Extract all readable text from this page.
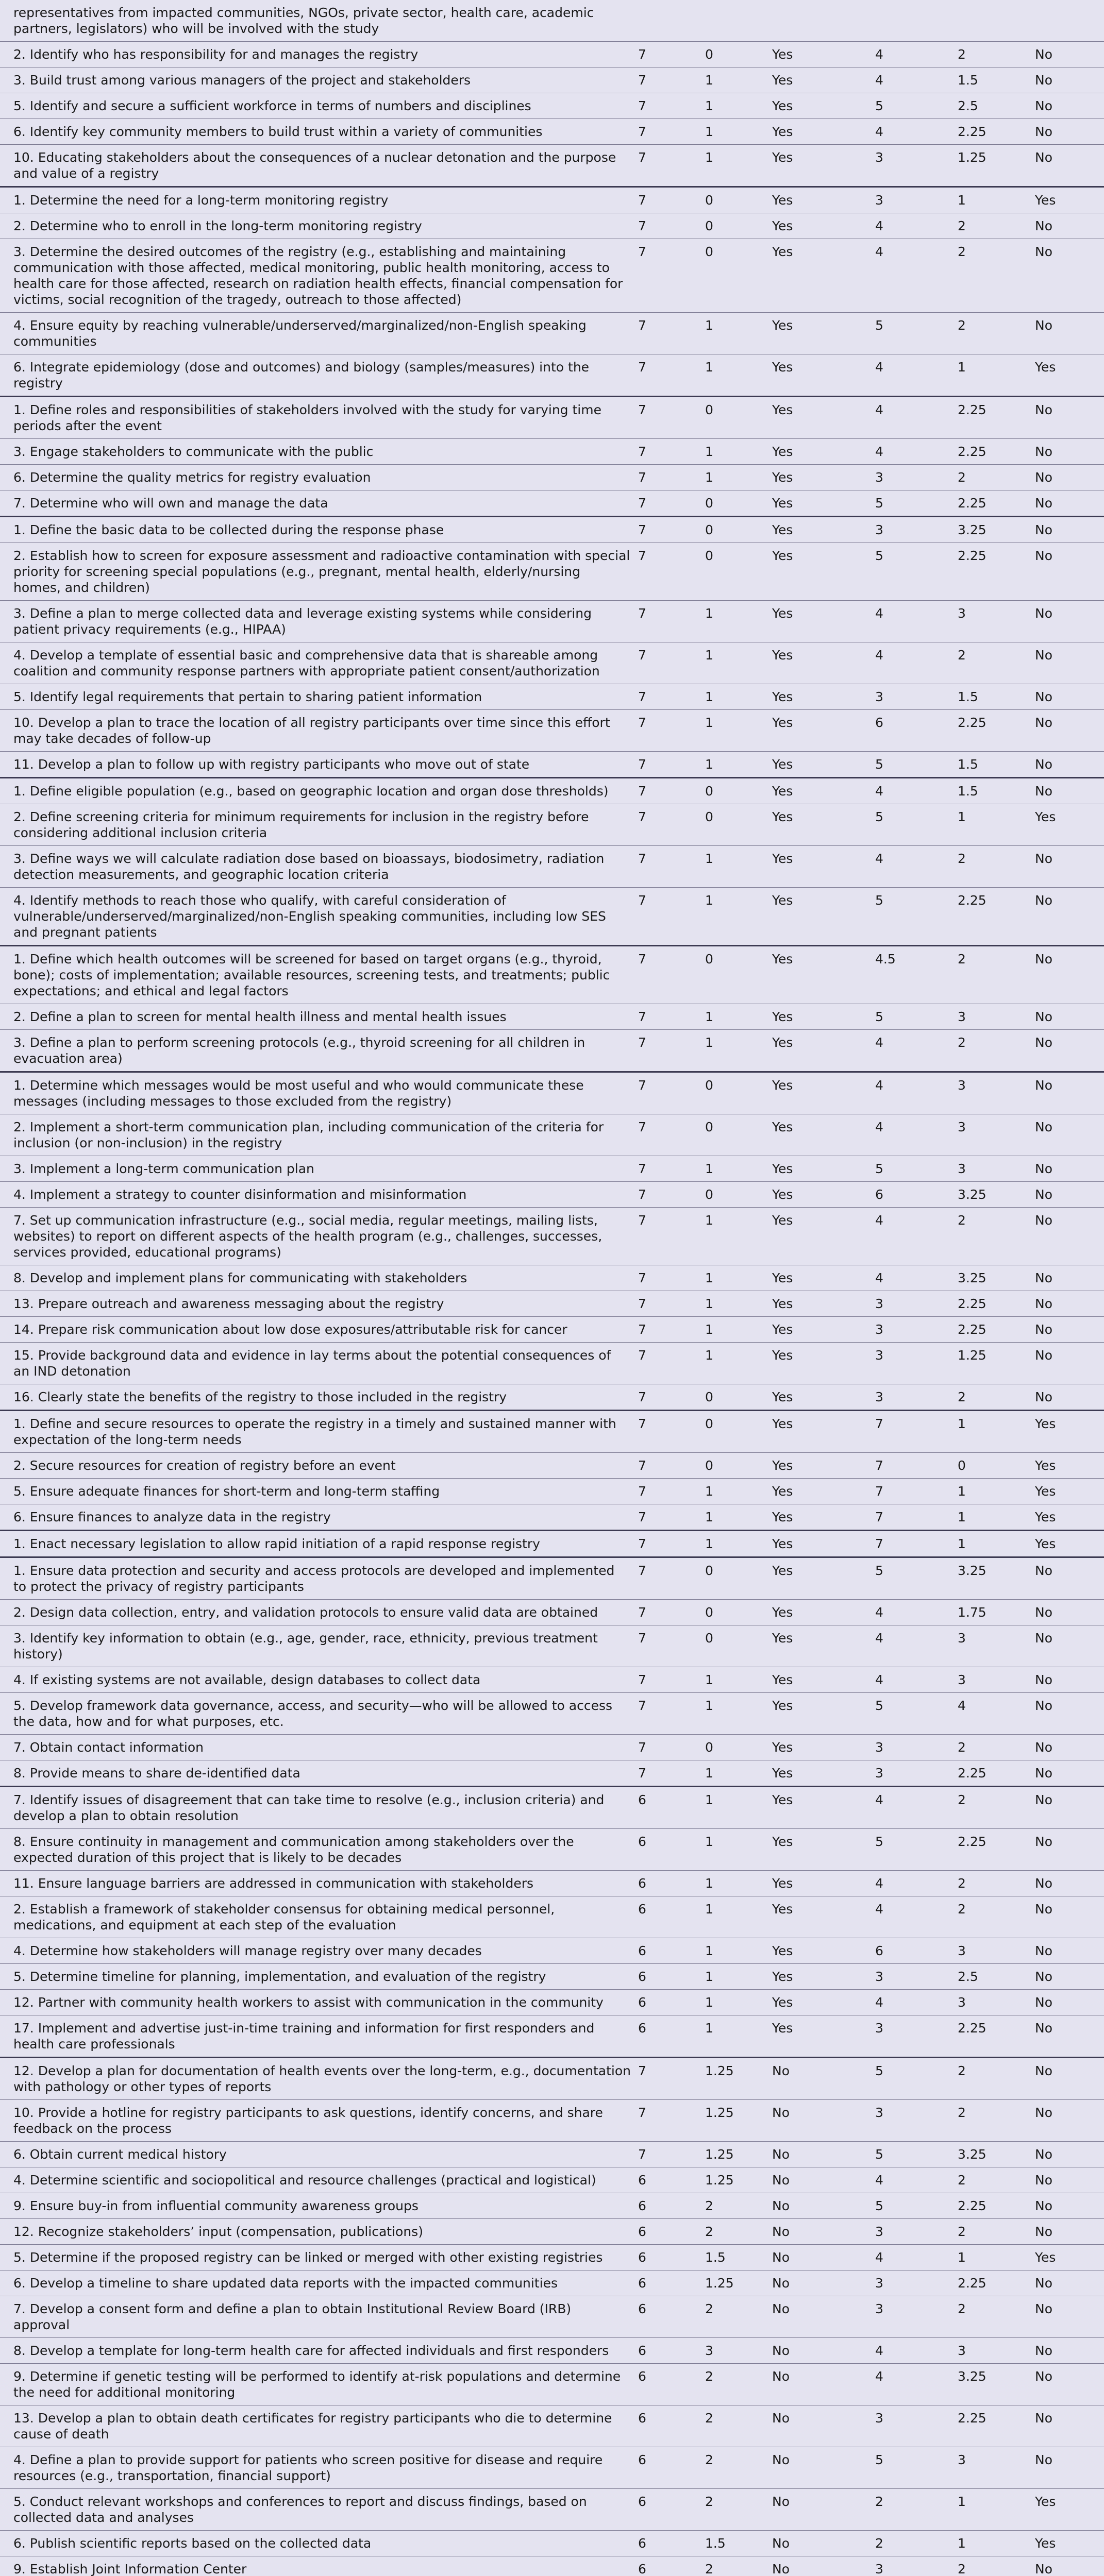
representatives from impacted communities, NGOs, private sector, health care, academic partners, legislators) who will be involved with the study						
2. Identify who has responsibility for and manages the registry	7	0	Yes	4	2	No
3. Build trust among various managers of the project and stakeholders	7	1	Yes	4	1.5	No
5. Identify and secure a sufficient workforce in terms of numbers and disciplines	7	1	Yes	5	2.5	No
6. Identify key community members to build trust within a variety of communities	7	1	Yes	4	2.25	No
10. Educating stakeholders about the consequences of a nuclear detonation and the purpose and value of a registry	7	1	Yes	3	1.25	No
1. Determine the need for a long-term monitoring registry	7	0	Yes	3	1	Yes
2. Determine who to enroll in the long-term monitoring registry	7	0	Yes	4	2	No
3. Determine the desired outcomes of the registry (e.g., establishing and maintaining communication with those affected, medical monitoring, public health monitoring, access to health care for those affected, research on radiation health effects, financial compensation for victims, social recognition of the tragedy, outreach to those affected)	7	0	Yes	4	2	No
4. Ensure equity by reaching vulnerable/underserved/marginalized/non-English speaking communities	7	1	Yes	5	2	No
6. Integrate epidemiology (dose and outcomes) and biology (samples/measures) into the registry	7	1	Yes	4	1	Yes
1. Define roles and responsibilities of stakeholders involved with the study for varying time periods after the event	7	0	Yes	4	2.25	No
3. Engage stakeholders to communicate with the public	7	1	Yes	4	2.25	No
6. Determine the quality metrics for registry evaluation	7	1	Yes	3	2	No
7. Determine who will own and manage the data	7	0	Yes	5	2.25	No
1. Define the basic data to be collected during the response phase	7	0	Yes	3	3.25	No
2. Establish how to screen for exposure assessment and radioactive contamination with special priority for screening special populations (e.g., pregnant, mental health, elderly/nursing homes, and children)	7	0	Yes	5	2.25	No
3. Define a plan to merge collected data and leverage existing systems while considering patient privacy requirements (e.g., HIPAA)	7	1	Yes	4	3	No
4. Develop a template of essential basic and comprehensive data that is shareable among coalition and community response partners with appropriate patient consent/authorization	7	1	Yes	4	2	No
5. Identify legal requirements that pertain to sharing patient information	7	1	Yes	3	1.5	No
10. Develop a plan to trace the location of all registry participants over time since this effort may take decades of follow-up	7	1	Yes	6	2.25	No
11. Develop a plan to follow up with registry participants who move out of state	7	1	Yes	5	1.5	No
1. Define eligible population (e.g., based on geographic location and organ dose thresholds)	7	0	Yes	4	1.5	No
2. Define screening criteria for minimum requirements for inclusion in the registry before considering additional inclusion criteria	7	0	Yes	5	1	Yes
3. Define ways we will calculate radiation dose based on bioassays, biodosimetry, radiation detection measurements, and geographic location criteria	7	1	Yes	4	2	No
4. Identify methods to reach those who qualify, with careful consideration of vulnerable/underserved/marginalized/non-English speaking communities, including low SES and pregnant patients	7	1	Yes	5	2.25	No
1. Define which health outcomes will be screened for based on target organs (e.g., thyroid, bone); costs of implementation; available resources, screening tests, and treatments; public expectations; and ethical and legal factors	7	0	Yes	4.5	2	No
2. Define a plan to screen for mental health illness and mental health issues	7	1	Yes	5	3	No
3. Define a plan to perform screening protocols (e.g., thyroid screening for all children in evacuation area)	7	1	Yes	4	2	No
1. Determine which messages would be most useful and who would communicate these messages (including messages to those excluded from the registry)	7	0	Yes	4	3	No
2. Implement a short-term communication plan, including communication of the criteria for inclusion (or non-inclusion) in the registry	7	0	Yes	4	3	No
3. Implement a long-term communication plan	7	1	Yes	5	3	No
4. Implement a strategy to counter disinformation and misinformation	7	0	Yes	6	3.25	No
7. Set up communication infrastructure (e.g., social media, regular meetings, mailing lists, websites) to report on different aspects of the health program (e.g., challenges, successes, services provided, educational programs)	7	1	Yes	4	2	No
8. Develop and implement plans for communicating with stakeholders	7	1	Yes	4	3.25	No
13. Prepare outreach and awareness messaging about the registry	7	1	Yes	3	2.25	No
14. Prepare risk communication about low dose exposures/attributable risk for cancer	7	1	Yes	3	2.25	No
15. Provide background data and evidence in lay terms about the potential consequences of an IND detonation	7	1	Yes	3	1.25	No
16. Clearly state the benefits of the registry to those included in the registry	7	0	Yes	3	2	No
1. Define and secure resources to operate the registry in a timely and sustained manner with expectation of the long-term needs	7	0	Yes	7	1	Yes
2. Secure resources for creation of registry before an event	7	0	Yes	7	0	Yes
5. Ensure adequate finances for short-term and long-term staffing	7	1	Yes	7	1	Yes
6. Ensure finances to analyze data in the registry	7	1	Yes	7	1	Yes
1. Enact necessary legislation to allow rapid initiation of a rapid response registry	7	1	Yes	7	1	Yes
1. Ensure data protection and security and access protocols are developed and implemented to protect the privacy of registry participants	7	0	Yes	5	3.25	No
2. Design data collection, entry, and validation protocols to ensure valid data are obtained	7	0	Yes	4	1.75	No
3. Identify key information to obtain (e.g., age, gender, race, ethnicity, previous treatment history)	7	0	Yes	4	3	No
4. If existing systems are not available, design databases to collect data	7	1	Yes	4	3	No
5. Develop framework data governance, access, and security—who will be allowed to access the data, how and for what purposes, etc.	7	1	Yes	5	4	No
7. Obtain contact information	7	0	Yes	3	2	No
8. Provide means to share de-identified data	7	1	Yes	3	2.25	No
7. Identify issues of disagreement that can take time to resolve (e.g., inclusion criteria) and develop a plan to obtain resolution	6	1	Yes	4	2	No
8. Ensure continuity in management and communication among stakeholders over the expected duration of this project that is likely to be decades	6	1	Yes	5	2.25	No
11. Ensure language barriers are addressed in communication with stakeholders	6	1	Yes	4	2	No
2. Establish a framework of stakeholder consensus for obtaining medical personnel, medications, and equipment at each step of the evaluation	6	1	Yes	4	2	No
4. Determine how stakeholders will manage registry over many decades	6	1	Yes	6	3	No
5. Determine timeline for planning, implementation, and evaluation of the registry	6	1	Yes	3	2.5	No
12. Partner with community health workers to assist with communication in the community	6	1	Yes	4	3	No
17. Implement and advertise just-in-time training and information for first responders and health care professionals	6	1	Yes	3	2.25	No
12. Develop a plan for documentation of health events over the long-term, e.g., documentation with pathology or other types of reports	7	1.25	No	5	2	No
10. Provide a hotline for registry participants to ask questions, identify concerns, and share feedback on the process	7	1.25	No	3	2	No
6. Obtain current medical history	7	1.25	No	5	3.25	No
4. Determine scientific and sociopolitical and resource challenges (practical and logistical)	6	1.25	No	4	2	No
9. Ensure buy-in from influential community awareness groups	6	2	No	5	2.25	No
12. Recognize stakeholders’ input (compensation, publications)	6	2	No	3	2	No
5. Determine if the proposed registry can be linked or merged with other existing registries	6	1.5	No	4	1	Yes
6. Develop a timeline to share updated data reports with the impacted communities	6	1.25	No	3	2.25	No
7. Develop a consent form and define a plan to obtain Institutional Review Board (IRB) approval	6	2	No	3	2	No
8. Develop a template for long-term health care for affected individuals and first responders	6	3	No	4	3	No
9. Determine if genetic testing will be performed to identify at-risk populations and determine the need for additional monitoring	6	2	No	4	3.25	No
13. Develop a plan to obtain death certificates for registry participants who die to determine cause of death	6	2	No	3	2.25	No
4. Define a plan to provide support for patients who screen positive for disease and require resources (e.g., transportation, financial support)	6	2	No	5	3	No
5. Conduct relevant workshops and conferences to report and discuss findings, based on collected data and analyses	6	2	No	2	1	Yes
6. Publish scientific reports based on the collected data	6	1.5	No	2	1	Yes
9. Establish Joint Information Center	6	2	No	3	2	No
